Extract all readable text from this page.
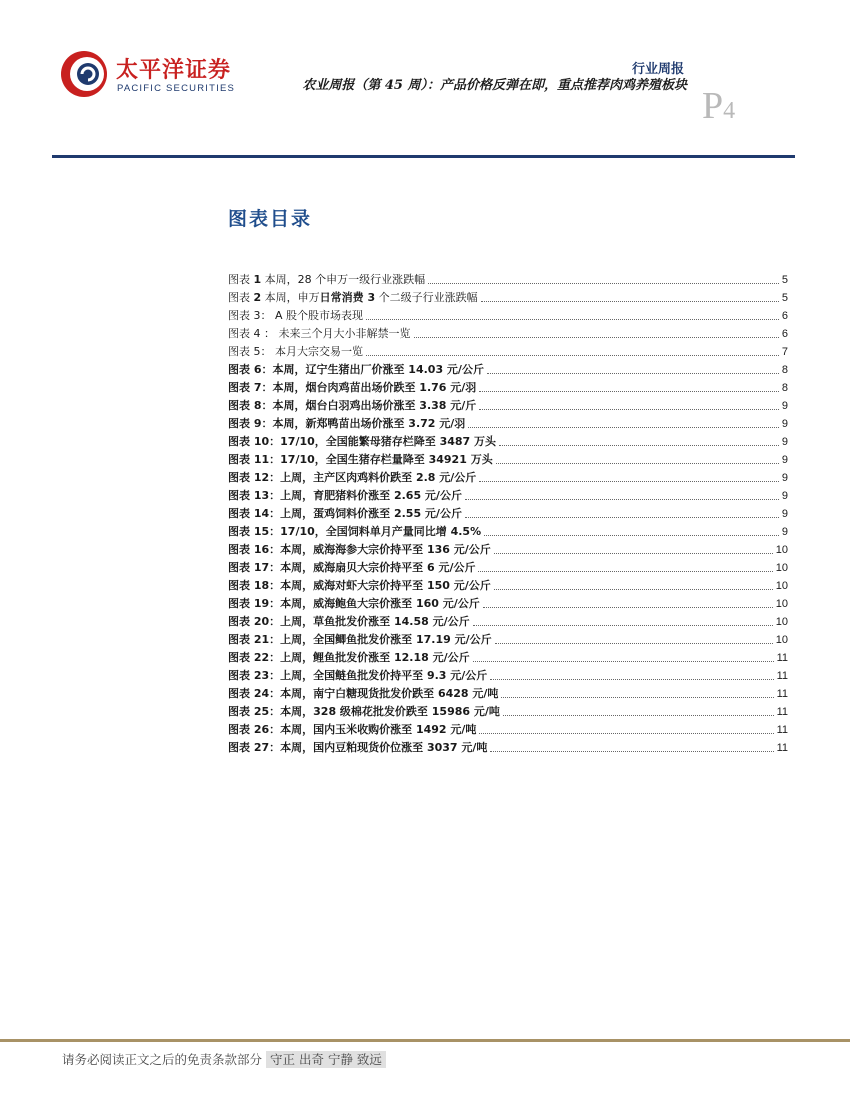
太平洋证券
PACIFIC SECURITIES
行业周报
农业周报（第 45 周）：产品价格反弹在即，重点推荐肉鸡养殖板块 P4
图表目录
图表 1 本周，28 个申万一级行业涨跌幅	5
图表 2 本周，申万日常消费 3 个二级子行业涨跌幅	5
图表 3： A 股个股市场表现	6
图表 4 ： 未来三个月大小非解禁一览	6
图表 5： 本月大宗交易一览	7
图表 6：本周，辽宁生猪出厂价涨至 14.03 元/公斤	8
图表 7：本周，烟台肉鸡苗出场价跌至 1.76 元/羽	8
图表 8：本周，烟台白羽鸡出场价涨至 3.38 元/斤	9
图表 9：本周，新郑鸭苗出场价涨至 3.72 元/羽	9
图表 10：17/10，全国能繁母猪存栏降至 3487 万头	9
图表 11：17/10，全国生猪存栏量降至 34921 万头	9
图表 12：上周，主产区肉鸡料价跌至 2.8 元/公斤	9
图表 13：上周，育肥猪料价涨至 2.65 元/公斤	9
图表 14：上周，蛋鸡饲料价涨至 2.55 元/公斤	9
图表 15：17/10，全国饲料单月产量同比增 4.5%	9
图表 16：本周，威海海参大宗价持平至 136 元/公斤	10
图表 17：本周，威海扇贝大宗价持平至 6 元/公斤	10
图表 18：本周，威海对虾大宗价持平至 150 元/公斤	10
图表 19：本周，威海鲍鱼大宗价涨至 160 元/公斤	10
图表 20：上周，草鱼批发价涨至 14.58 元/公斤	10
图表 21：上周，全国鲫鱼批发价涨至 17.19 元/公斤	10
图表 22：上周，鲤鱼批发价涨至 12.18 元/公斤	11
图表 23：上周，全国鲢鱼批发价持平至 9.3 元/公斤	11
图表 24：本周，南宁白糖现货批发价跌至 6428 元/吨	11
图表 25：本周，328 级棉花批发价跌至 15986 元/吨	11
图表 26：本周，国内玉米收购价涨至 1492 元/吨	11
图表 27：本周，国内豆粕现货价位涨至 3037 元/吨	11
请务必阅读正文之后的免责条款部分 守正 出奇 宁静 致远
